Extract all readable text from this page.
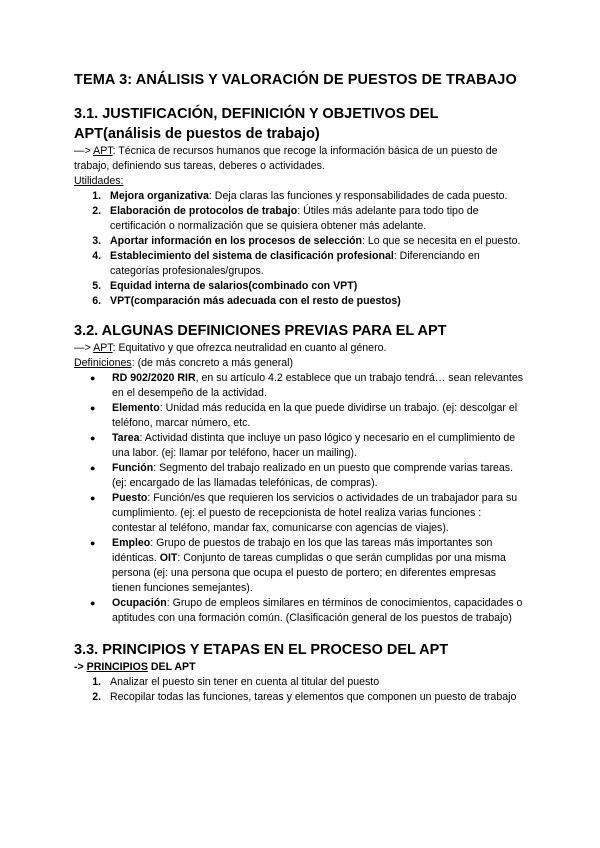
TEMA 3: ANÁLISIS Y VALORACIÓN DE PUESTOS DE TRABAJO
3.1. JUSTIFICACIÓN, DEFINICIÓN Y OBJETIVOS DEL APT(análisis de puestos de trabajo)

—> APT: Técnica de recursos humanos que recoge la información básica de un puesto de trabajo, definiendo sus tareas, deberes o actividades.

Utilidades:

1. Mejora organizativa: Deja claras las funciones y responsabilidades de cada puesto.
2. Elaboración de protocolos de trabajo: Útiles más adelante para todo tipo de certificación o normalización que se quisiera obtener más adelante.
3. Aportar información en los procesos de selección: Lo que se necesita en el puesto.
4. Establecimiento del sistema de clasificación profesional: Diferenciando en categorías profesionales/grupos.
5. Equidad interna de salarios(combinado con VPT)
6. VPT(comparación más adecuada con el resto de puestos)
3.2. ALGUNAS DEFINICIONES PREVIAS PARA EL APT

—> APT: Equitativo y que ofrezca neutralidad en cuanto al género.

Definiciones: (de más concreto a más general)

● RD 902/2020 RIR, en su artículo 4.2 establece que un trabajo tendrá… sean relevantes en el desempeño de la actividad.
● Elemento: Unidad más reducida en la que puede dividirse un trabajo. (ej: descolgar el teléfono, marcar número, etc.
● Tarea: Actividad distinta que incluye un paso lógico y necesario en el cumplimiento de una labor. (ej: llamar por teléfono, hacer un mailing).
● Función: Segmento del trabajo realizado en un puesto que comprende varias tareas. (ej: encargado de las llamadas telefónicas, de compras).
● Puesto: Función/es que requieren los servicios o actividades de un trabajador para su cumplimiento. (ej: el puesto de recepcionista de hotel realiza varias funciones : contestar al teléfono, mandar fax, comunicarse con agencias de viajes).
● Empleo: Grupo de puestos de trabajo en los que las tareas más importantes son idénticas. OIT: Conjunto de tareas cumplidas o que serán cumplidas por una misma persona (ej: una persona que ocupa el puesto de portero; en diferentes empresas tienen funciones semejantes).
● Ocupación: Grupo de empleos similares en términos de conocimientos, capacidades o aptitudes con una formación común. (Clasificación general de los puestos de trabajo)
3.3. PRINCIPIOS Y ETAPAS EN EL PROCESO DEL APT

-> PRINCIPIOS DEL APT

1. Analizar el puesto sin tener en cuenta al titular del puesto
2. Recopilar todas las funciones, tareas y elementos que componen un puesto de trabajo
